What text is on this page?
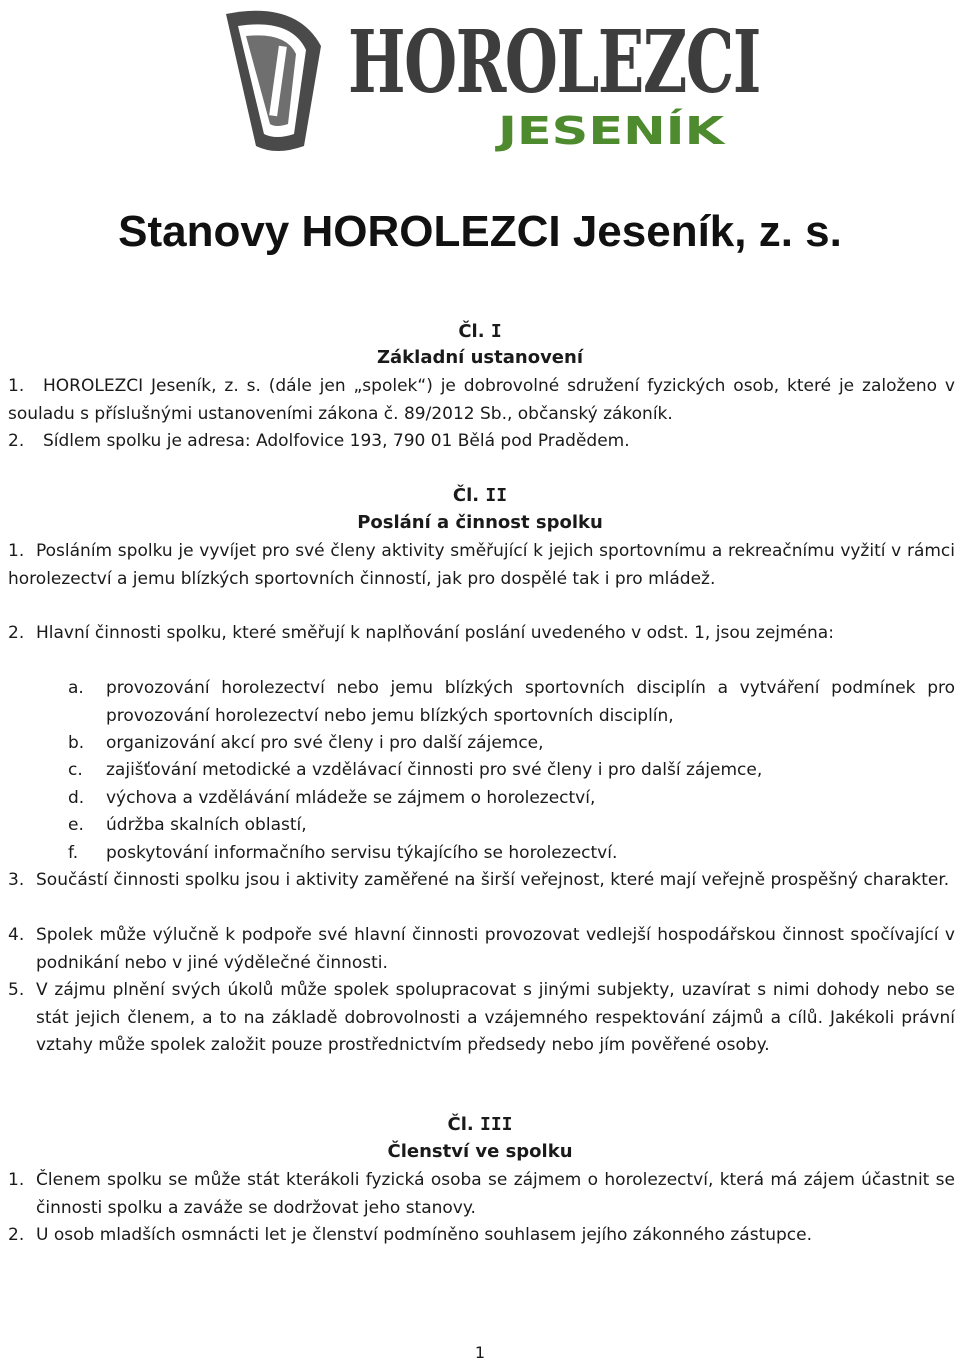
HOROLEZCI
JESENÍK
Stanovy HOROLEZCI Jeseník, z. s.
Čl. I
Základní ustanovení
1.	HOROLEZCI Jeseník, z. s. (dále jen „spolek“) je dobrovolné sdružení fyzických osob, které je založeno v souladu s příslušnými ustanoveními zákona č. 89/2012 Sb., občanský zákoník.
2.	Sídlem spolku je adresa: Adolfovice 193, 790 01 Bělá pod Pradědem.
Čl. II
Poslání a činnost spolku
1. Posláním spolku je vyvíjet pro své členy aktivity směřující k jejich sportovnímu a rekreačnímu vyžití v rámci horolezectví a jemu blízkých sportovních činností, jak pro dospělé tak i pro mládež.
2. Hlavní činnosti spolku, které směřují k naplňování poslání uvedeného v odst. 1, jsou zejména:
a.	provozování horolezectví nebo jemu blízkých sportovních disciplín a vytváření podmínek pro provozování horolezectví nebo jemu blízkých sportovních disciplín,
b.	organizování akcí pro své členy i pro další zájemce,
c.	zajišťování metodické a vzdělávací činnosti pro své členy i pro další zájemce,
d.	výchova a vzdělávání mládeže se zájmem o horolezectví,
e.	údržba skalních oblastí,
f.	poskytování informačního servisu týkajícího se horolezectví.
3. Součástí činnosti spolku jsou i aktivity zaměřené na širší veřejnost, které mají veřejně prospěšný charakter.
4. Spolek může výlučně k podpoře své hlavní činnosti provozovat vedlejší hospodářskou činnost spočívající v podnikání nebo v jiné výdělečné činnosti.
5. V zájmu plnění svých úkolů může spolek spolupracovat s jinými subjekty, uzavírat s nimi dohody nebo se stát jejich členem, a to na základě dobrovolnosti a vzájemného respektování zájmů a cílů. Jakékoli právní vztahy může spolek založit pouze prostřednictvím předsedy nebo jím pověřené osoby.
Čl. III
Členství ve spolku
1. Členem spolku se může stát kterákoli fyzická osoba se zájmem o horolezectví, která má zájem účastnit se činnosti spolku a zaváže se dodržovat jeho stanovy.
2. U osob mladších osmnácti let je členství podmíněno souhlasem jejího zákonného zástupce.
1
